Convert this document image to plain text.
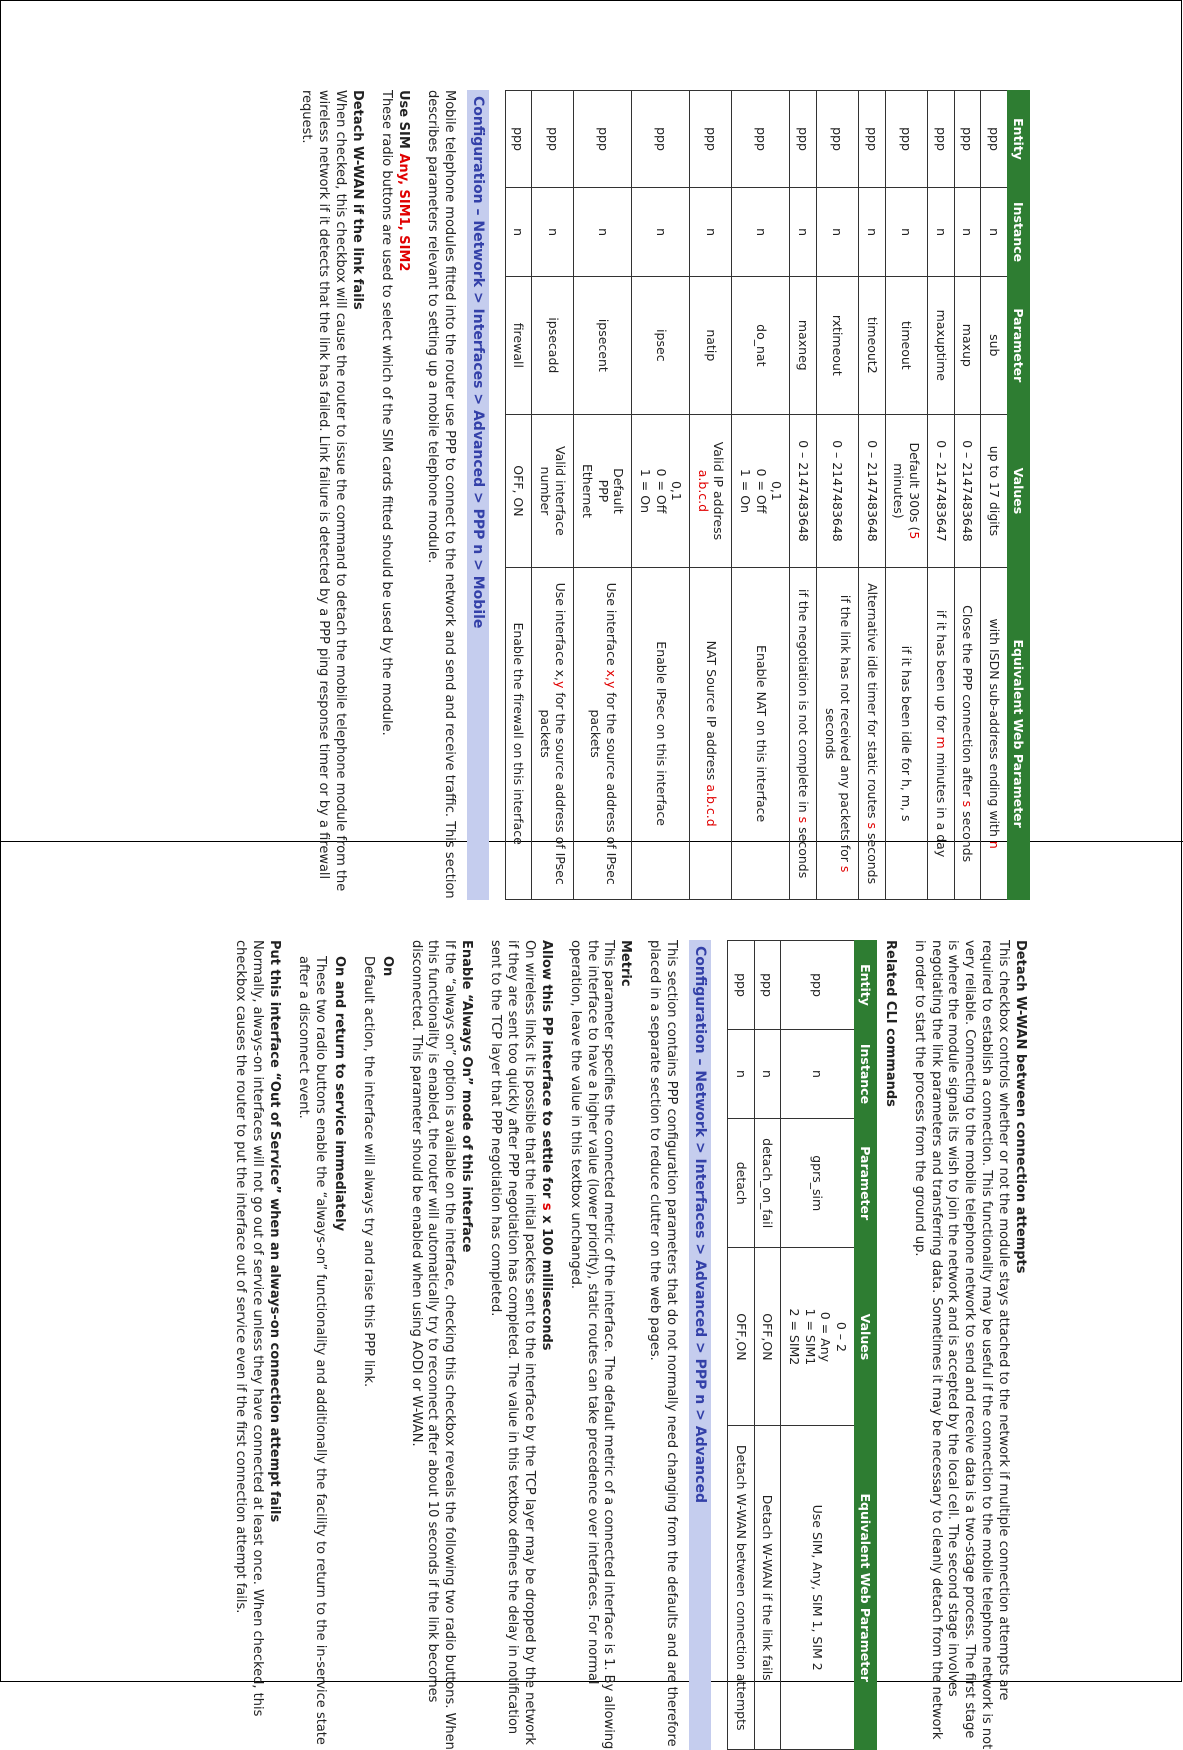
Entity	Instance	Parameter	Values	Equivalent Web Parameter
ppp	n	sub	up to 17 digits	with ISDN sub-address ending with n
ppp	n	maxup	0 – 2147483648	Close the PPP connection after s seconds
ppp	n	maxuptime	0 – 2147483647	if it has been up for m minutes in a day
ppp	n	timeout	Default 300s (5 minutes)	if it has been idle for h, m, s
ppp	n	timeout2	0 – 2147483648	Alternative idle timer for static routes s seconds
ppp	n	rxtimeout	0 – 2147483648	if the link has not received any packets for s seconds
ppp	n	maxneg	0 – 2147483648	if the negotiation is not complete in s seconds
ppp	n	do_nat	0,1
0 = Off
1 = On	Enable NAT on this interface
ppp	n	natip	Valid IP address a.b.c.d	NAT Source IP address a.b.c.d
ppp	n	ipsec	0,1
0 = Off
1 = On	Enable IPsec on this interface
ppp	n	ipsecent	Default
PPP
Ethernet	Use interface x,y for the source address of IPsec packets
ppp	n	ipsecadd	Valid interface number	Use interface x,y for the source address of IPsec packets
ppp	n	firewall	OFF, ON	Enable the firewall on this interface
Configuration – Network > Interfaces > Advanced > PPP n > Mobile

Mobile telephone modules fitted into the router use PPP to connect to the network and send and receive traffic. This section describes parameters relevant to setting up a mobile telephone module.

Use SIM Any, SIM1, SIM2

These radio buttons are used to select which of the SIM cards fitted should be used by the module.

Detach W-WAN if the link fails

When checked, this checkbox will cause the router to issue the command to detach the mobile telephone module from the wireless network if it detects that the link has failed. Link failure is detected by a PPP ping response timer or by a firewall request.

Detach W-WAN between connection attempts

This checkbox controls whether or not the module stays attached to the network if multiple connection attempts are required to establish a connection. This functionality may be useful if the connection to the mobile telephone network is not very reliable. Connecting to the mobile telephone network to send and receive data is a two-stage process. The first stage is where the module signals its wish to join the network and is accepted by the local cell. The second stage involves negotiating the link parameters and transferring data. Sometimes it may be necessary to cleanly detach from the network in order to start the process from the ground up.

Related CLI commands

Entity	Instance	Parameter	Values	Equivalent Web Parameter
ppp	n	gprs_sim	0 – 2
0 = Any
1 = SIM1
2 = SIM2	Use SIM, Any, SIM 1, SIM 2
ppp	n	detach_on_fail	OFF,ON	Detach W-WAN if the link fails
ppp	n	detach	OFF,ON	Detach W-WAN between connection attempts
Configuration – Network > Interfaces > Advanced > PPP n > Advanced

This section contains PPP configuration parameters that do not normally need changing from the defaults and are therefore placed in a separate section to reduce clutter on the web pages.

Metric

This parameter specifies the connected metric of the interface. The default metric of a connected interface is 1. By allowing the interface to have a higher value (lower priority), static routes can take precedence over interfaces. For normal operation, leave the value in this textbox unchanged.

Allow this PP interface to settle for s x 100 milliseconds

On wireless links it is possible that the initial packets sent to the interface by the TCP layer may be dropped by the network if they are sent too quickly after PPP negotiation has completed. The value in this textbox defines the delay in notification sent to the TCP layer that PPP negotiation has completed.

Enable “Always On” mode of this interface

If the “always on” option is available on the interface, checking this checkbox reveals the following two radio buttons. When this functionality is enabled, the router will automatically try to reconnect after about 10 seconds if the link becomes disconnected. This parameter should be enabled when using AODI or W-WAN.

On

Default action, the interface will always try and raise this PPP link.

On and return to service immediately

These two radio buttons enable the “always-on” functionality and additionally the facility to return to the in-service state after a disconnect event.

Put this interface “Out of Service” when an always-on connection attempt fails

Normally, always-on interfaces will not go out of service unless they have connected at least once. When checked, this checkbox causes the router to put the interface out of service even if the first connection attempt fails.
